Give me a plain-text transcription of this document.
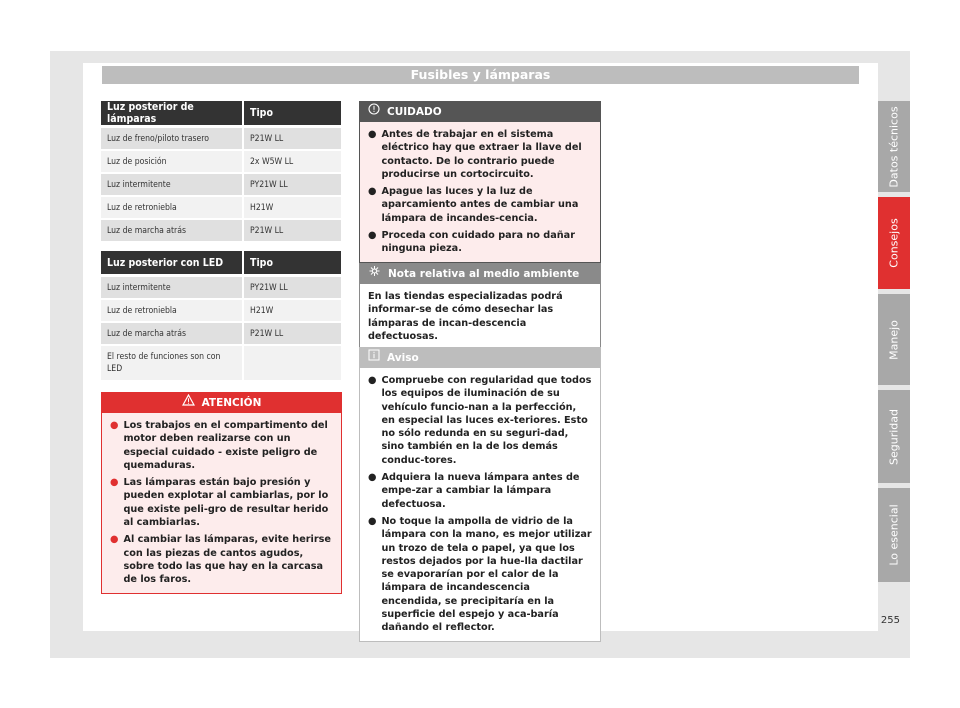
Fusibles y lámparas
Luz posterior de lámparas	Tipo
Luz de freno/piloto trasero	P21W LL
Luz de posición	2x W5W LL
Luz intermitente	PY21W LL
Luz de retroniebla	H21W
Luz de marcha atrás	P21W LL
Luz posterior con LED	Tipo
Luz intermitente	PY21W LL
Luz de retroniebla	H21W
Luz de marcha atrás	P21W LL
El resto de funciones son con LED	
ATENCIÓN
● Los trabajos en el compartimento del motor deben realizarse con un especial cuidado - existe peligro de quemaduras.
● Las lámparas están bajo presión y pueden explotar al cambiarlas, por lo que existe peli-gro de resultar herido al cambiarlas.
● Al cambiar las lámparas, evite herirse con las piezas de cantos agudos, sobre todo las que hay en la carcasa de los faros.
CUIDADO
● Antes de trabajar en el sistema eléctrico hay que extraer la llave del contacto. De lo contrario puede producirse un cortocircuito.
● Apague las luces y la luz de aparcamiento antes de cambiar una lámpara de incandes-cencia.
● Proceda con cuidado para no dañar ninguna pieza.
Nota relativa al medio ambiente
En las tiendas especializadas podrá informar-se de cómo desechar las lámparas de incan-descencia defectuosas.
Aviso
● Compruebe con regularidad que todos los equipos de iluminación de su vehículo funcio-nan a la perfección, en especial las luces ex-teriores. Esto no sólo redunda en su seguri-dad, sino también en la de los demás conduc-tores.
● Adquiera la nueva lámpara antes de empe-zar a cambiar la lámpara defectuosa.
● No toque la ampolla de vidrio de la lámpara con la mano, es mejor utilizar un trozo de tela o papel, ya que los restos dejados por la hue-lla dactilar se evaporarían por el calor de la lámpara de incandescencia encendida, se precipitaría en la superficie del espejo y aca-baría dañando el reflector.
Datos técnicos
Consejos
Manejo
Seguridad
Lo esencial
255
